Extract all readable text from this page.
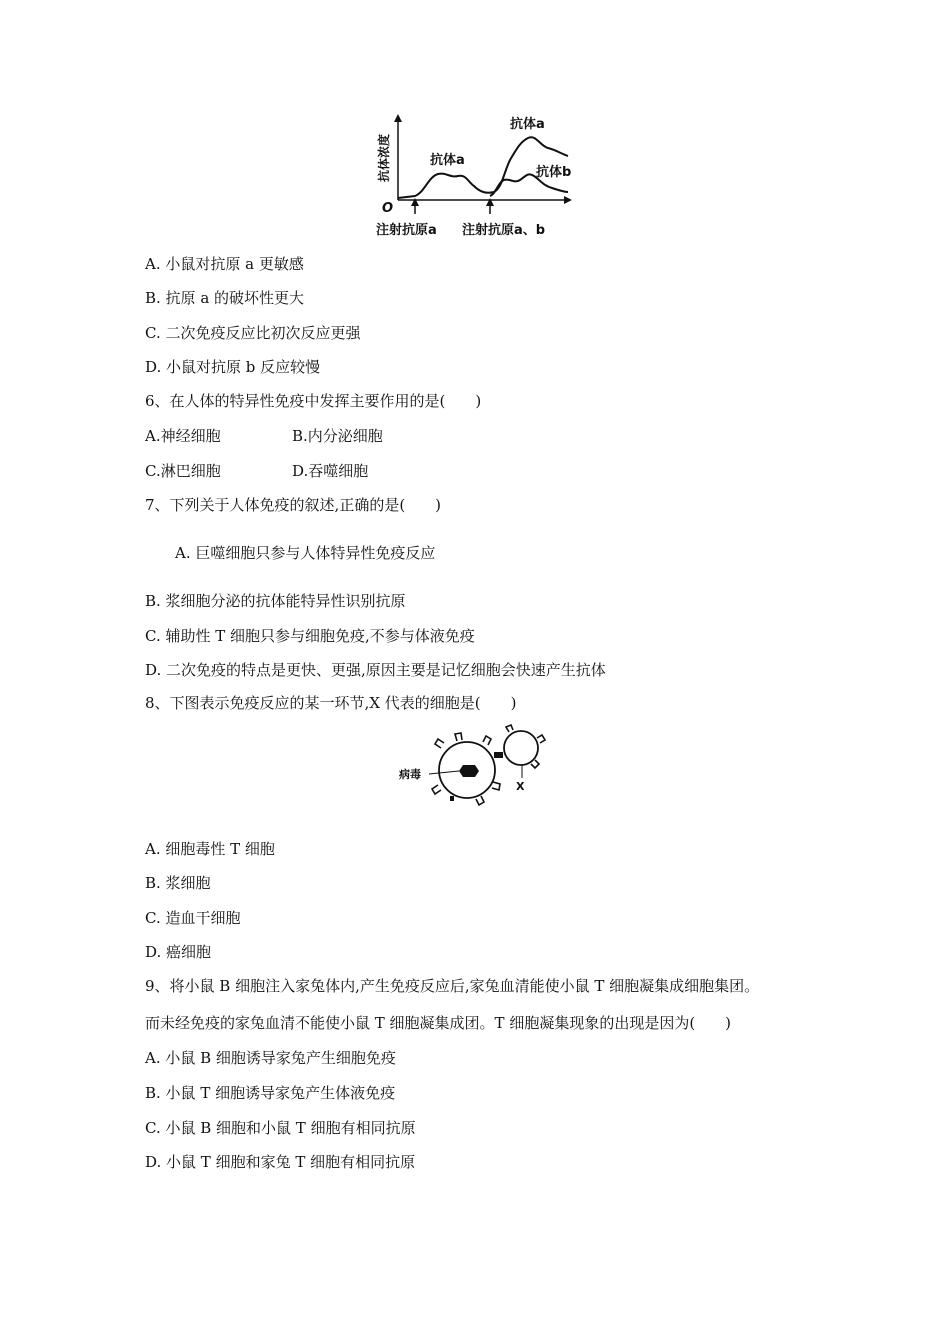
抗体浓度
O
抗体a
抗体a
抗体b
注射抗原a 注射抗原a、b
A. 小鼠对抗原 a 更敏感
B. 抗原 a 的破坏性更大
C. 二次免疫反应比初次反应更强
D. 小鼠对抗原 b 反应较慢
6、在人体的特异性免疫中发挥主要作用的是(　　)
A.神经细胞	B.内分泌细胞
C.淋巴细胞	D.吞噬细胞
7、下列关于人体免疫的叙述,正确的是(　　)
A. 巨噬细胞只参与人体特异性免疫反应
B. 浆细胞分泌的抗体能特异性识别抗原
C. 辅助性 T 细胞只参与细胞免疫,不参与体液免疫
D. 二次免疫的特点是更快、更强,原因主要是记忆细胞会快速产生抗体
8、下图表示免疫反应的某一环节,X 代表的细胞是(　　)
病毒
X
A. 细胞毒性 T 细胞
B. 浆细胞
C. 造血干细胞
D. 癌细胞
9、将小鼠 B 细胞注入家兔体内,产生免疫反应后,家兔血清能使小鼠 T 细胞凝集成细胞集团。
而未经免疫的家兔血清不能使小鼠 T 细胞凝集成团。T 细胞凝集现象的出现是因为(　　)
A. 小鼠 B 细胞诱导家兔产生细胞免疫
B. 小鼠 T 细胞诱导家兔产生体液免疫
C. 小鼠 B 细胞和小鼠 T 细胞有相同抗原
D. 小鼠 T 细胞和家兔 T 细胞有相同抗原
